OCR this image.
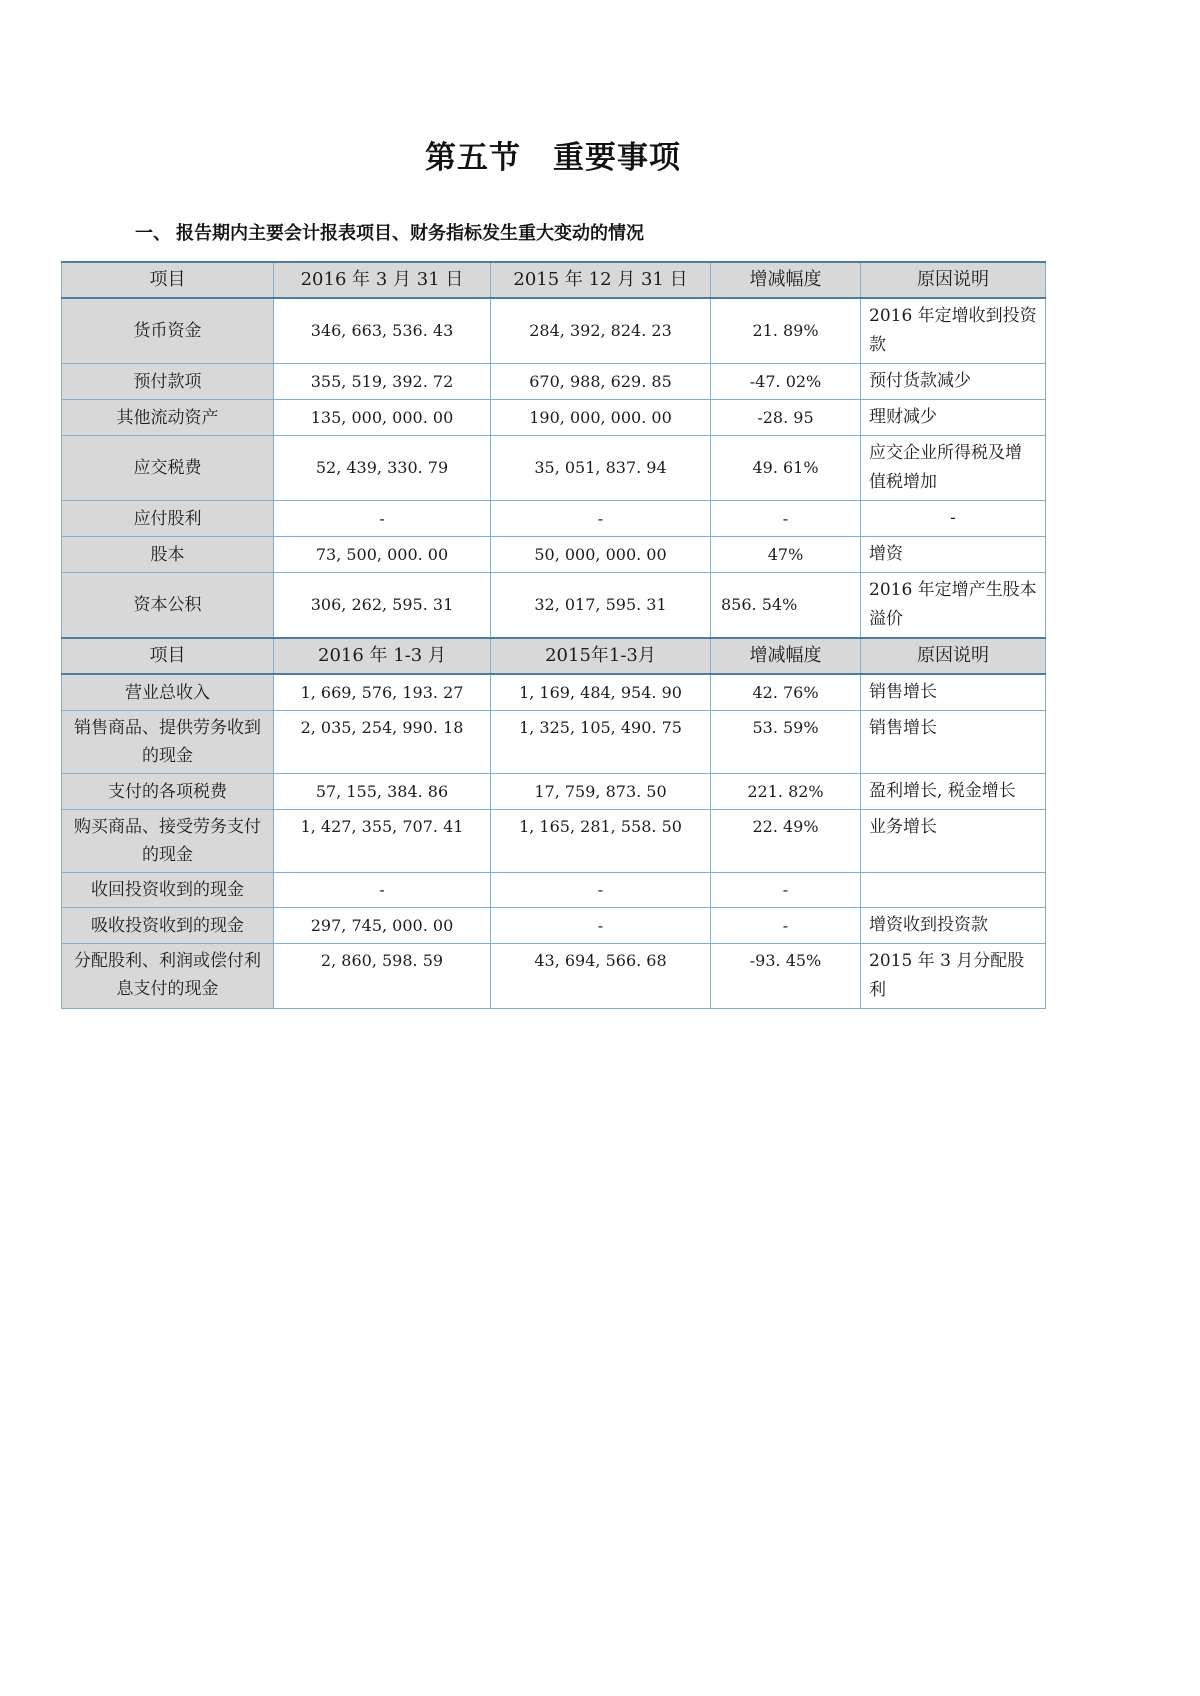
第五节　重要事项
一、 报告期内主要会计报表项目、财务指标发生重大变动的情况
项目	2016 年 3 月 31 日	2015 年 12 月 31 日	增减幅度	原因说明
货币资金	346, 663, 536. 43	284, 392, 824. 23	21. 89%	2016 年定增收到投资款
预付款项	355, 519, 392. 72	670, 988, 629. 85	-47. 02%	预付货款减少
其他流动资产	135, 000, 000. 00	190, 000, 000. 00	-28. 95	理财减少
应交税费	52, 439, 330. 79	35, 051, 837. 94	49. 61%	应交企业所得税及增值税增加
应付股利	-	-	-	-
股本	73, 500, 000. 00	50, 000, 000. 00	47%	增资
资本公积	306, 262, 595. 31	32, 017, 595. 31	856. 54%	2016 年定增产生股本溢价
项目	2016 年 1-3 月	2015年1-3月	增减幅度	原因说明
营业总收入	1, 669, 576, 193. 27	1, 169, 484, 954. 90	42. 76%	销售增长
销售商品、提供劳务收到的现金	2, 035, 254, 990. 18	1, 325, 105, 490. 75	53. 59%	销售增长
支付的各项税费	57, 155, 384. 86	17, 759, 873. 50	221. 82%	盈利增长, 税金增长
购买商品、接受劳务支付的现金	1, 427, 355, 707. 41	1, 165, 281, 558. 50	22. 49%	业务增长
收回投资收到的现金	-	-	-	
吸收投资收到的现金	297, 745, 000. 00	-	-	增资收到投资款
分配股利、利润或偿付利息支付的现金	2, 860, 598. 59	43, 694, 566. 68	-93. 45%	2015 年 3 月分配股利
